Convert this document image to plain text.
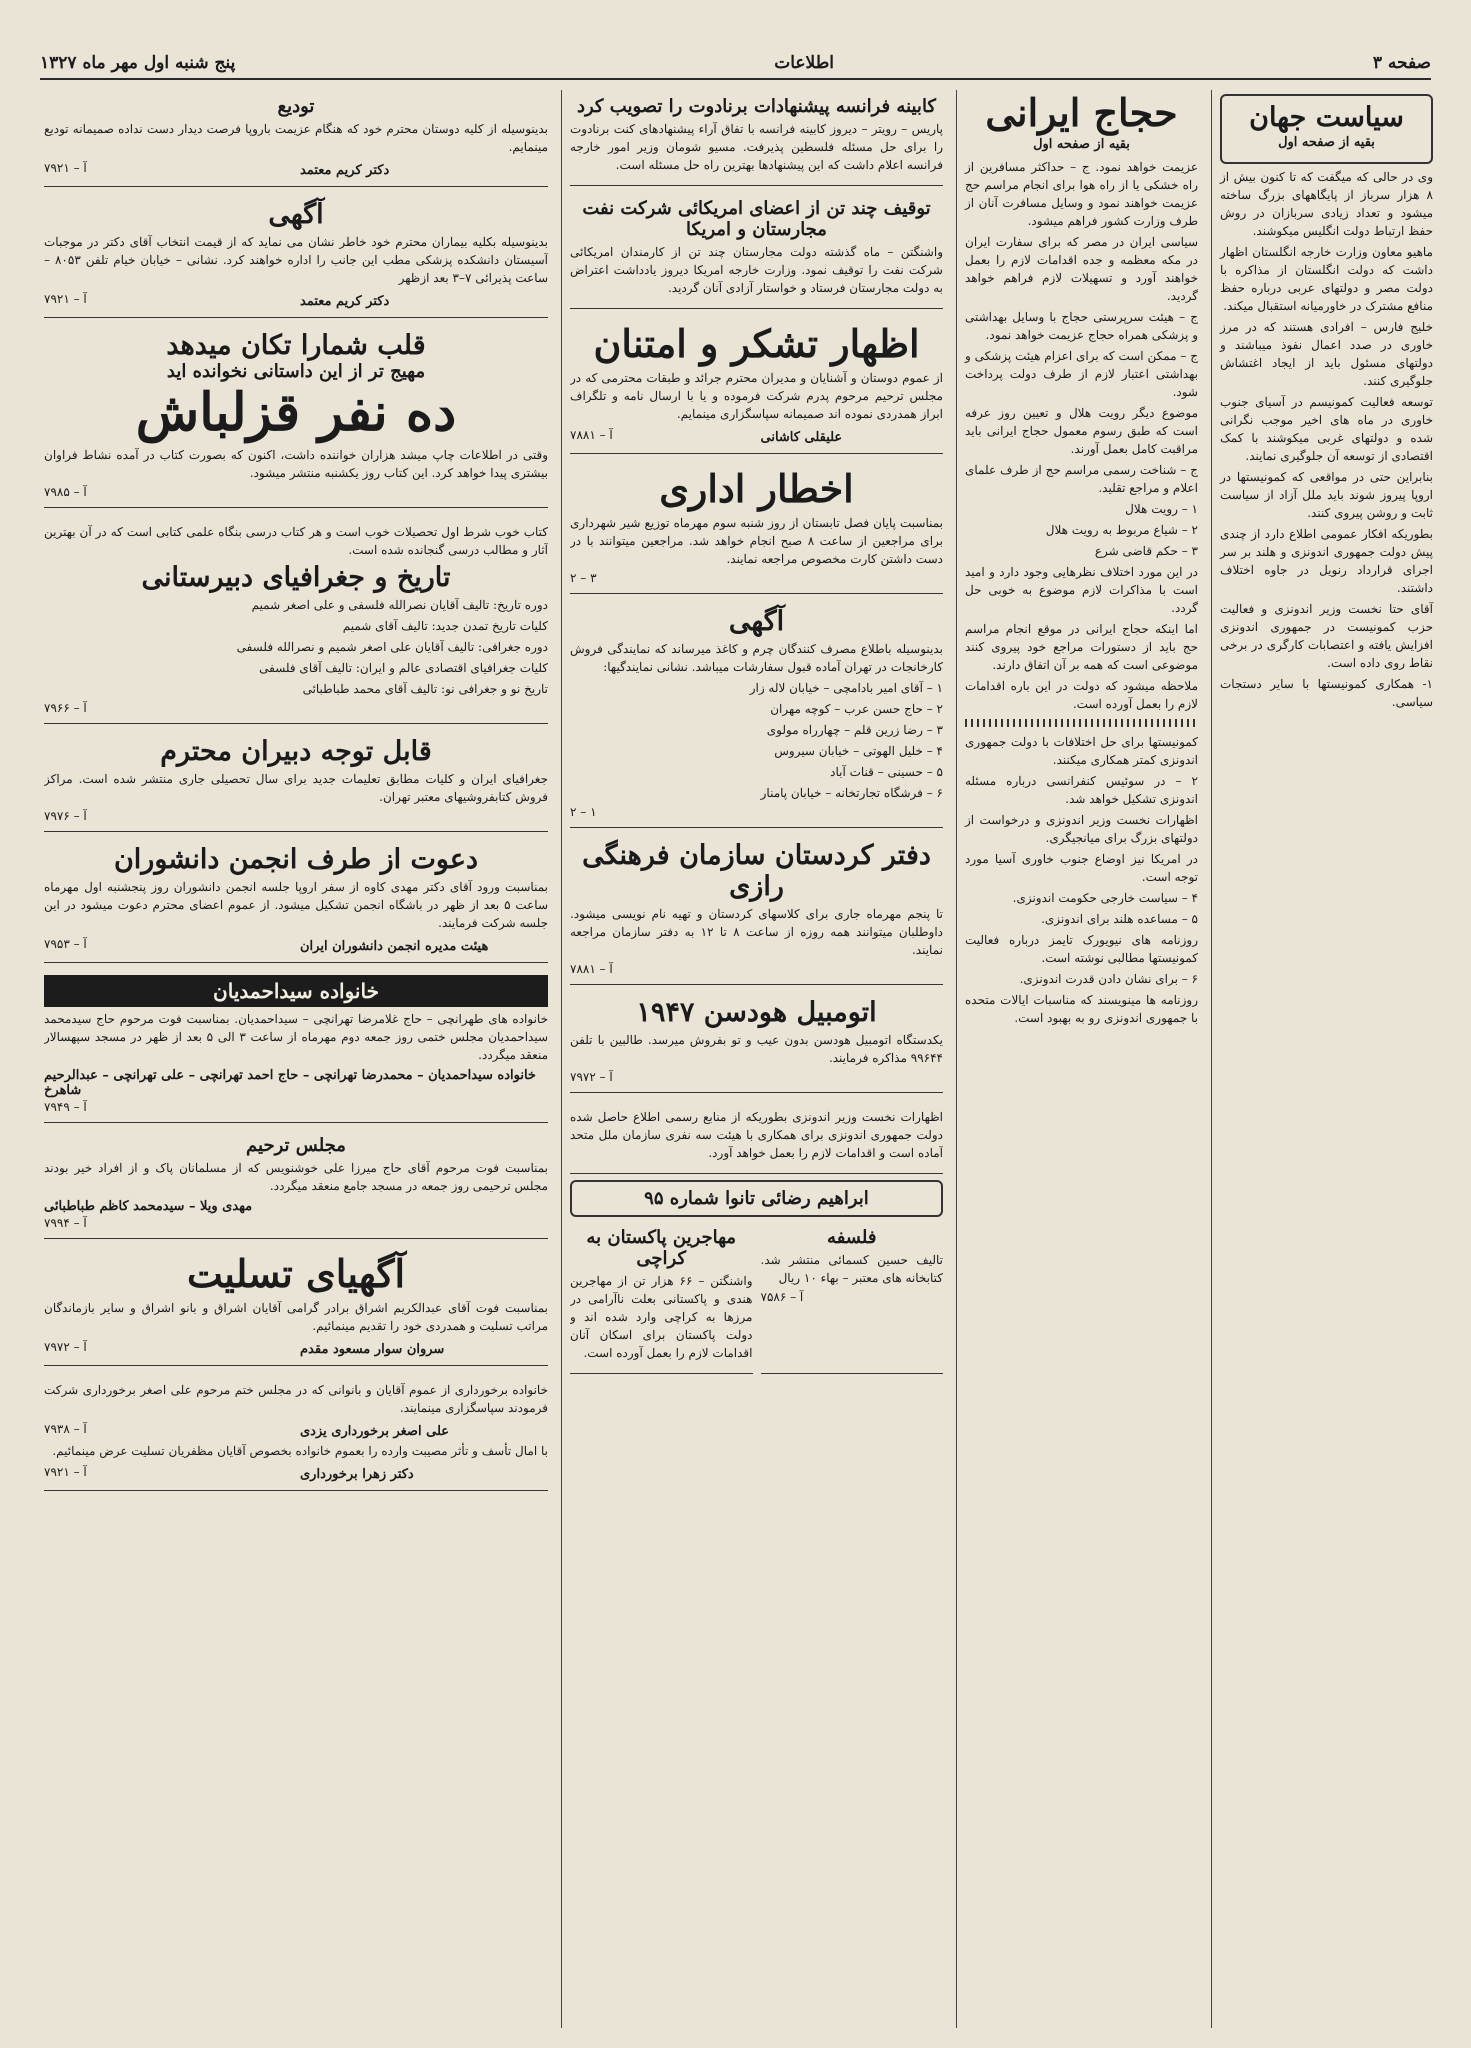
صفحه ۳
اطلاعات
پنج شنبه اول مهر ماه ۱۳۲۷
سیاست جهان
بقیه از صفحه اول

وی در حالی که میگفت که تا کنون بیش از ۸ هزار سرباز از پایگاههای بزرگ ساخته میشود و تعداد زیادی سربازان در روش حفظ ارتباط دولت انگلیس میکوشند.

ماهیو معاون وزارت خارجه انگلستان اظهار داشت که دولت انگلستان از مذاکره با دولت مصر و دولتهای عربی درباره حفظ منافع مشترک در خاورمیانه استقبال میکند.

خلیج فارس – افرادی هستند که در مرز خاوری در صدد اعمال نفوذ میباشند و دولتهای مسئول باید از ایجاد اغتشاش جلوگیری کنند.

توسعه فعالیت کمونیسم در آسیای جنوب خاوری در ماه های اخیر موجب نگرانی شده و دولتهای غربی میکوشند با کمک اقتصادی از توسعه آن جلوگیری نمایند.

بنابراین حتی در مواقعی که کمونیستها در اروپا پیروز شوند باید ملل آزاد از سیاست ثابت و روشن پیروی کنند.

بطوریکه افکار عمومی اطلاع دارد از چندی پیش دولت جمهوری اندونزی و هلند بر سر اجرای قرارداد رنویل در جاوه اختلاف داشتند.

آقای حتا نخست وزیر اندونزی و فعالیت حزب کمونیست در جمهوری اندونزی افزایش یافته و اعتصابات کارگری در برخی نقاط روی داده است.

۱- همکاری کمونیستها با سایر دستجات سیاسی.

حجاج ایرانی
بقیه از صفحه اول

عزیمت خواهد نمود. ج – حداکثر مسافرین از راه خشکی یا از راه هوا برای انجام مراسم حج عزیمت خواهند نمود و وسایل مسافرت آنان از طرف وزارت کشور فراهم میشود.

سیاسی ایران در مصر که برای سفارت ایران در مکه معظمه و جده اقدامات لازم را بعمل خواهند آورد و تسهیلات لازم فراهم خواهد گردید.

ج – هیئت سرپرستی حجاج با وسایل بهداشتی و پزشکی همراه حجاج عزیمت خواهد نمود.

ج – ممکن است که برای اعزام هیئت پزشکی و بهداشتی اعتبار لازم از طرف دولت پرداخت شود.

موضوع دیگر رویت هلال و تعیین روز عرفه است که طبق رسوم معمول حجاج ایرانی باید مراقبت کامل بعمل آورند.

ج – شناخت رسمی مراسم حج از طرف علمای اعلام و مراجع تقلید.

۱ – رویت هلال

۲ – شیاع مربوط به رویت هلال

۳ – حکم قاضی شرع

در این مورد اختلاف نظرهایی وجود دارد و امید است با مذاکرات لازم موضوع به خوبی حل گردد.

اما اینکه حجاج ایرانی در موقع انجام مراسم حج باید از دستورات مراجع خود پیروی کنند موضوعی است که همه بر آن اتفاق دارند.

ملاحظه میشود که دولت در این باره اقدامات لازم را بعمل آورده است.

کمونیستها برای حل اختلافات با دولت جمهوری اندونزی کمتر همکاری میکنند.

۲ – در سوئیس کنفرانسی درباره مسئله اندونزی تشکیل خواهد شد.

اظهارات نخست وزیر اندونزی و درخواست از دولتهای بزرگ برای میانجیگری.

در امریکا نیز اوضاع جنوب خاوری آسیا مورد توجه است.

۴ – سیاست خارجی حکومت اندونزی.

۵ – مساعده هلند برای اندونزی.

روزنامه های نیویورک تایمز درباره فعالیت کمونیستها مطالبی نوشته است.

۶ – برای نشان دادن قدرت اندونزی.

روزنامه ها مینویسند که مناسبات ایالات متحده با جمهوری اندونزی رو به بهبود است.

کابینه فرانسه پیشنهادات برنادوت را تصویب کرد

پاریس – رویتر – دیروز کابینه فرانسه با تفاق آراء پیشنهادهای کنت برنادوت را برای حل مسئله فلسطین پذیرفت. مسیو شومان وزیر امور خارجه فرانسه اعلام داشت که این پیشنهادها بهترین راه حل مسئله است.

توقیف چند تن از اعضای امریکائی شرکت نفت مجارستان و امریکا

واشنگتن – ماه گذشته دولت مجارستان چند تن از کارمندان امریکائی شرکت نفت را توقیف نمود. وزارت خارجه امریکا دیروز یادداشت اعتراض به دولت مجارستان فرستاد و خواستار آزادی آنان گردید.

اظهار تشکر و امتنان

از عموم دوستان و آشنایان و مدیران محترم جرائد و طبقات محترمی که در مجلس ترحیم مرحوم پدرم شرکت فرموده و یا با ارسال نامه و تلگراف ابراز همدردی نموده اند صمیمانه سپاسگزاری مینمایم.

علیقلی کاشانی
آ – ۷۸۸۱
اخطار اداری

بمناسبت پایان فصل تابستان از روز شنبه سوم مهرماه توزیع شیر شهرداری برای مراجعین از ساعت ۸ صبح انجام خواهد شد. مراجعین میتوانند با در دست داشتن کارت مخصوص مراجعه نمایند.

۲ – ۳
آگهی

بدینوسیله باطلاع مصرف کنندگان چرم و کاغذ میرساند که نمایندگی فروش کارخانجات در تهران آماده قبول سفارشات میباشد. نشانی نمایندگیها:

۱ – آقای امیر بادامچی – خیابان لاله زار

۲ – حاج حسن عرب – کوچه مهران

۳ – رضا زرین قلم – چهارراه مولوی

۴ – خلیل الهوتی – خیابان سیروس

۵ – حسینی – قنات آباد

۶ – فرشگاه تجارتخانه – خیابان پامنار

۲ – ۱
دفتر کردستان سازمان فرهنگی رازی

تا پنجم مهرماه جاری برای کلاسهای کردستان و تهیه نام نویسی میشود. داوطلبان میتوانند همه روزه از ساعت ۸ تا ۱۲ به دفتر سازمان مراجعه نمایند.

آ – ۷۸۸۱
اتومبیل هودسن ۱۹۴۷

یکدستگاه اتومبیل هودسن بدون عیب و تو بفروش میرسد. طالبین با تلفن ۹۹۶۴۴ مذاکره فرمایند.

آ – ۷۹۷۲

اظهارات نخست وزیر اندونزی بطوریکه از منابع رسمی اطلاع حاصل شده دولت جمهوری اندونزی برای همکاری با هیئت سه نفری سازمان ملل متحد آماده است و اقدامات لازم را بعمل خواهد آورد.

ابراهیم رضائی تانوا شماره ۹۵
فلسفه

تالیف حسین کسمائی منتشر شد. کتابخانه های معتبر – بهاء ۱۰ ریال

آ – ۷۵۸۶
مهاجرین پاکستان به کراچی

واشنگتن – ۶۶ هزار تن از مهاجرین هندی و پاکستانی بعلت ناآرامی در مرزها به کراچی وارد شده اند و دولت پاکستان برای اسکان آنان اقدامات لازم را بعمل آورده است.

تودیع

بدینوسیله از کلیه دوستان محترم خود که هنگام عزیمت باروپا فرصت دیدار دست نداده صمیمانه تودیع مینمایم.

دکتر کریم معتمد
آ – ۷۹۲۱
آگهی

بدینوسیله بکلیه بیماران محترم خود خاطر نشان می نماید که از قیمت انتخاب آقای دکتر در موجبات آسیستان دانشکده پزشکی مطب این جانب را اداره خواهند کرد. نشانی – خیابان خیام تلفن ۸۰۵۳ – ساعت پذیرائی ۷–۳ بعد ازظهر

دکتر کریم معتمد
آ – ۷۹۲۱
قلب شمارا تکان میدهد
مهیج تر از این داستانی نخوانده اید
ده نفر قزلباش

وقتی در اطلاعات چاپ میشد هزاران خواننده داشت، اکنون که بصورت کتاب در آمده نشاط فراوان بیشتری پیدا خواهد کرد. این کتاب روز یکشنبه منتشر میشود.

آ – ۷۹۸۵

کتاب خوب شرط اول تحصیلات خوب است و هر کتاب درسی بنگاه علمی کتابی است که در آن بهترین آثار و مطالب درسی گنجانده شده است.

تاریخ و جغرافیای دبیرستانی

دوره تاریخ: تالیف آقایان نصرالله فلسفی و علی اصغر شمیم

کلیات تاریخ تمدن جدید: تالیف آقای شمیم

دوره جغرافی: تالیف آقایان علی اصغر شمیم و نصرالله فلسفی

کلیات جغرافیای اقتصادی عالم و ایران: تالیف آقای فلسفی

تاریخ نو و جغرافی نو: تالیف آقای محمد طباطبائی

آ – ۷۹۶۶
قابل توجه دبیران محترم

جغرافیای ایران و کلیات مطابق تعلیمات جدید برای سال تحصیلی جاری منتشر شده است. مراکز فروش کتابفروشیهای معتبر تهران.

آ – ۷۹۷۶
دعوت از طرف انجمن دانشوران

بمناسبت ورود آقای دکتر مهدی کاوه از سفر اروپا جلسه انجمن دانشوران روز پنجشنبه اول مهرماه ساعت ۵ بعد از ظهر در باشگاه انجمن تشکیل میشود. از عموم اعضای محترم دعوت میشود در این جلسه شرکت فرمایند.

هیئت مدیره انجمن دانشوران ایران
آ – ۷۹۵۳
خانواده سیداحمدیان

خانواده های طهرانچی – حاج غلامرضا تهرانچی – سیداحمدیان. بمناسبت فوت مرحوم حاج سیدمحمد سیداحمدیان مجلس ختمی روز جمعه دوم مهرماه از ساعت ۳ الی ۵ بعد از ظهر در مسجد سپهسالار منعقد میگردد.

خانواده سیداحمدیان – محمدرضا تهرانچی – حاج احمد تهرانچی – علی تهرانچی – عبدالرحیم شاهرخ
آ – ۷۹۴۹
مجلس ترحیم

بمناسبت فوت مرحوم آقای حاج میرزا علی خوشنویس که از مسلمانان پاک و از افراد خیر بودند مجلس ترحیمی روز جمعه در مسجد جامع منعقد میگردد.

مهدی ویلا – سیدمحمد کاظم طباطبائی
آ – ۷۹۹۴
آگهیای تسلیت

بمناسبت فوت آقای عبدالکریم اشراق برادر گرامی آقایان اشراق و بانو اشراق و سایر بازماندگان مراتب تسلیت و همدردی خود را تقدیم مینمائیم.

سروان سوار مسعود مقدم
آ – ۷۹۷۲

خانواده برخورداری از عموم آقایان و بانوانی که در مجلس ختم مرحوم علی اصغر برخورداری شرکت فرمودند سپاسگزاری مینمایند.

علی اصغر برخورداری یزدی
آ – ۷۹۳۸

با امال تأسف و تأثر مصیبت وارده را بعموم خانواده بخصوص آقایان مظفریان تسلیت عرض مینمائیم.

دکتر زهرا برخورداری
آ – ۷۹۲۱
